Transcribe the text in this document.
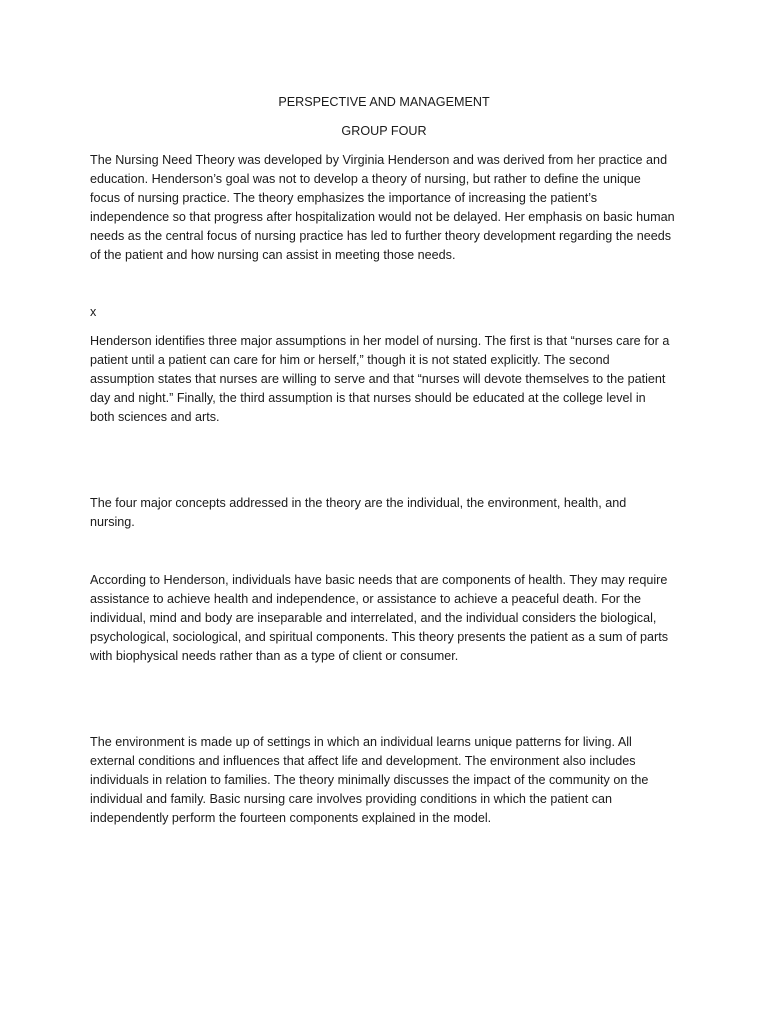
PERSPECTIVE AND MANAGEMENT

GROUP FOUR

The Nursing Need Theory was developed by Virginia Henderson and was derived from her practice and
education. Henderson’s goal was not to develop a theory of nursing, but rather to define the unique
focus of nursing practice. The theory emphasizes the importance of increasing the patient’s
independence so that progress after hospitalization would not be delayed. Her emphasis on basic human
needs as the central focus of nursing practice has led to further theory development regarding the needs
of the patient and how nursing can assist in meeting those needs.

x

Henderson identifies three major assumptions in her model of nursing. The first is that “nurses care for a
patient until a patient can care for him or herself,” though it is not stated explicitly. The second
assumption states that nurses are willing to serve and that “nurses will devote themselves to the patient
day and night.” Finally, the third assumption is that nurses should be educated at the college level in
both sciences and arts.

The four major concepts addressed in the theory are the individual, the environment, health, and
nursing.

According to Henderson, individuals have basic needs that are components of health. They may require
assistance to achieve health and independence, or assistance to achieve a peaceful death. For the
individual, mind and body are inseparable and interrelated, and the individual considers the biological,
psychological, sociological, and spiritual components. This theory presents the patient as a sum of parts
with biophysical needs rather than as a type of client or consumer.

The environment is made up of settings in which an individual learns unique patterns for living. All
external conditions and influences that affect life and development. The environment also includes
individuals in relation to families. The theory minimally discusses the impact of the community on the
individual and family. Basic nursing care involves providing conditions in which the patient can
independently perform the fourteen components explained in the model.
